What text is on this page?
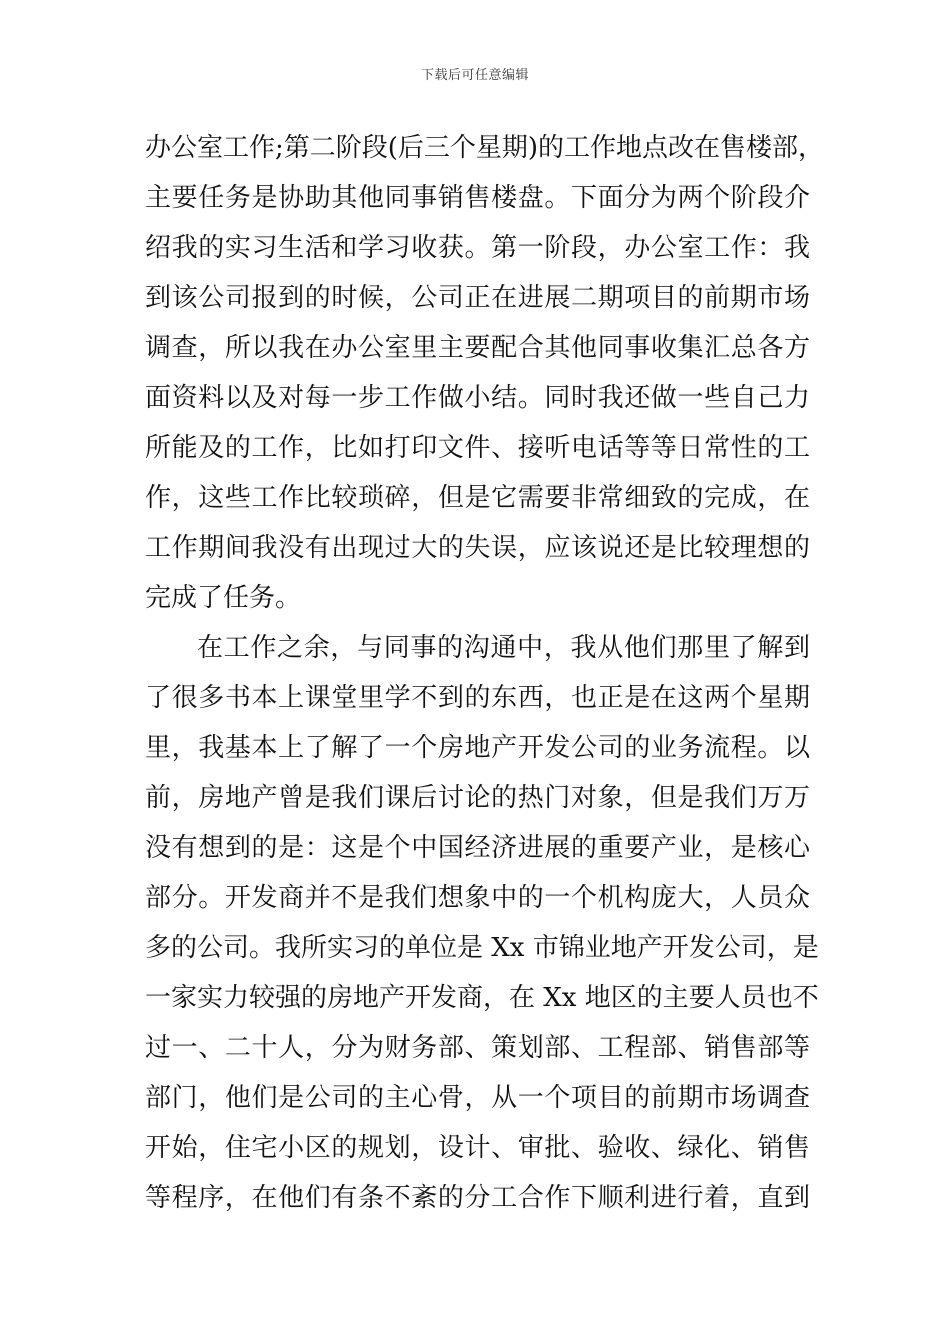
下载后可任意编辑
办公室工作;第二阶段(后三个星期)的工作地点改在售楼部，
主要任务是协助其他同事销售楼盘。下面分为两个阶段介
绍我的实习生活和学习收获。第一阶段，办公室工作：我
到该公司报到的时候，公司正在进展二期项目的前期市场
调查，所以我在办公室里主要配合其他同事收集汇总各方
面资料以及对每一步工作做小结。同时我还做一些自己力
所能及的工作，比如打印文件、接听电话等等日常性的工
作，这些工作比较琐碎，但是它需要非常细致的完成，在
工作期间我没有出现过大的失误，应该说还是比较理想的
完成了任务。
在工作之余，与同事的沟通中，我从他们那里了解到
了很多书本上课堂里学不到的东西，也正是在这两个星期
里，我基本上了解了一个房地产开发公司的业务流程。以
前，房地产曾是我们课后讨论的热门对象，但是我们万万
没有想到的是：这是个中国经济进展的重要产业，是核心
部分。开发商并不是我们想象中的一个机构庞大，人员众
多的公司。我所实习的单位是 Xx 市锦业地产开发公司，是
一家实力较强的房地产开发商，在 Xx 地区的主要人员也不
过一、二十人，分为财务部、策划部、工程部、销售部等
部门，他们是公司的主心骨，从一个项目的前期市场调查
开始，住宅小区的规划，设计、审批、验收、绿化、销售
等程序，在他们有条不紊的分工合作下顺利进行着，直到
